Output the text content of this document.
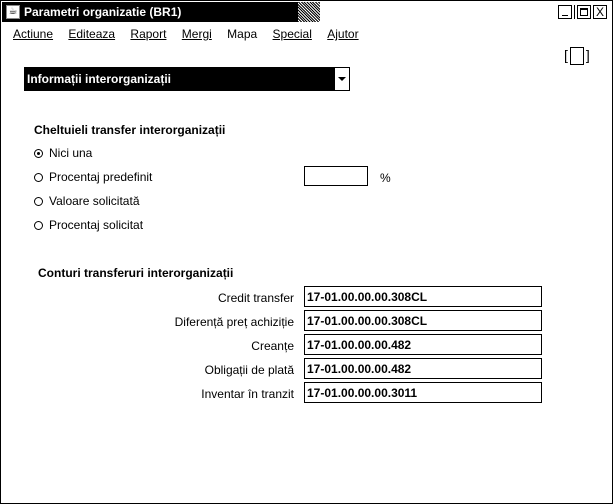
☕ Parametri organizatie (BR1)	X
Actiune Editeaza Raport Mergi Mapa Special Ajutor
[ ]
Informații interorganizații
Cheltuieli transfer interorganizații
Nici una
Procentaj predefinit
Valoare solicitată
Procentaj solicitat
%
Conturi transferuri interorganizații
Credit transfer 17-01.00.00.00.308CL
Diferență preț achiziție 17-01.00.00.00.308CL
Creanțe 17-01.00.00.00.482
Obligații de plată 17-01.00.00.00.482
Inventar în tranzit 17-01.00.00.00.3011
